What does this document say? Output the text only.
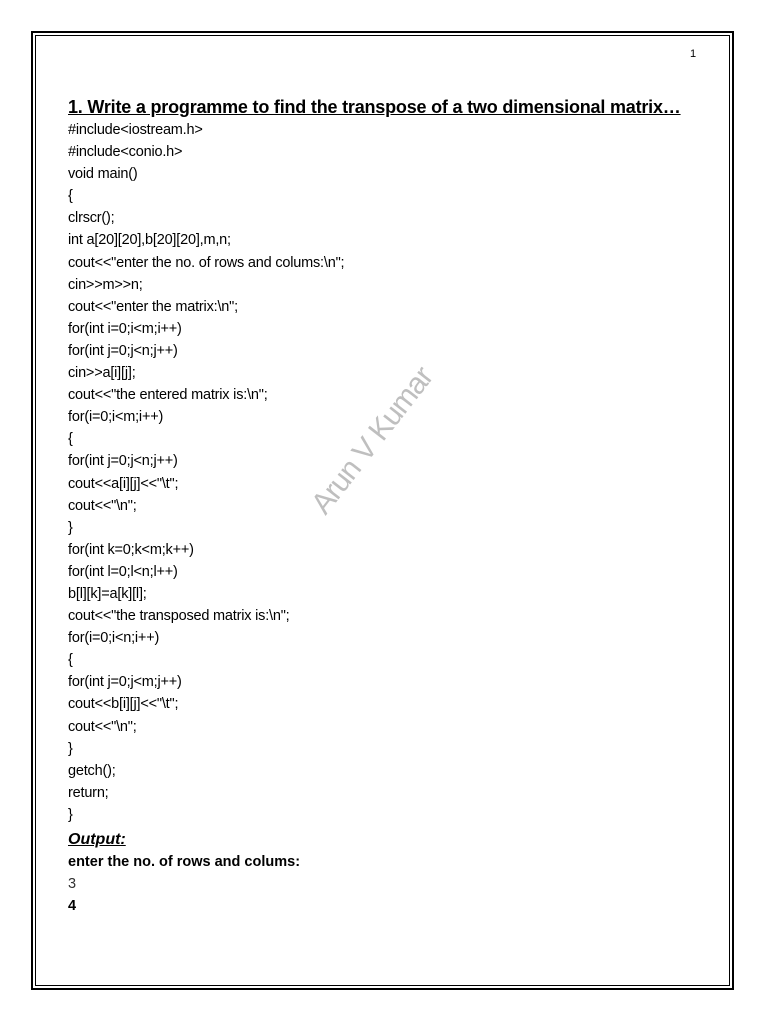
1
1. Write a programme to find the transpose of a two dimensional matrix…
#include<iostream.h>
#include<conio.h>
void main()
{
clrscr();
int a[20][20],b[20][20],m,n;
cout<<"enter the no. of rows and colums:\n";
cin>>m>>n;
cout<<"enter the matrix:\n";
for(int i=0;i<m;i++)
for(int j=0;j<n;j++)
cin>>a[i][j];
cout<<"the entered matrix is:\n";
for(i=0;i<m;i++)
{
for(int j=0;j<n;j++)
cout<<a[i][j]<<"\t";
cout<<"\n";
}
for(int k=0;k<m;k++)
for(int l=0;l<n;l++)
b[l][k]=a[k][l];
cout<<"the transposed matrix is:\n";
for(i=0;i<n;i++)
{
for(int j=0;j<m;j++)
cout<<b[i][j]<<"\t";
cout<<"\n";
}
getch();
return;
}
Output:
enter the no. of rows and colums:
3
4
Arun V Kumar
